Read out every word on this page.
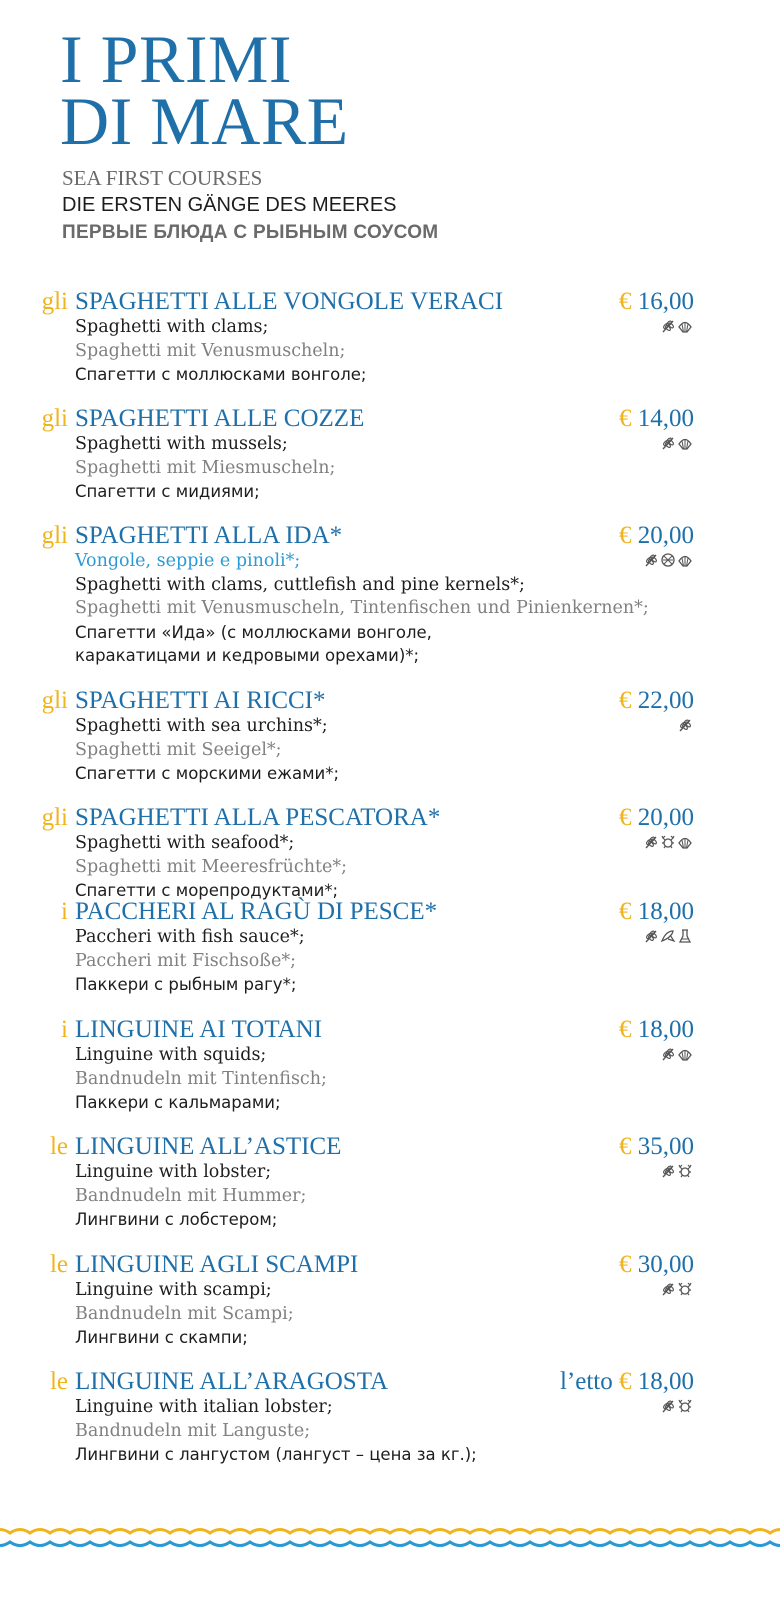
I PRIMI
DI MARE
SEA FIRST COURSES
DIE ERSTEN GÄNGE DES MEERES
ПЕРВЫЕ БЛЮДА С РЫБНЫМ СОУСОМ
gli SPAGHETTI ALLE VONGOLE VERACI	€ 16,00
Spaghetti with clams;
Spaghetti mit Venusmuscheln;
Спагетти с моллюсками вонголе;
gli SPAGHETTI ALLE COZZE	€ 14,00
Spaghetti with mussels;
Spaghetti mit Miesmuscheln;
Спагетти с мидиями;
gli SPAGHETTI ALLA IDA*	€ 20,00
Vongole, seppie e pinoli*;
Spaghetti with clams, cuttlefish and pine kernels*;
Spaghetti mit Venusmuscheln, Tintenfischen und Pinienkernen*;
Спагетти «Ида» (с моллюсками вонголе,
каракатицами и кедровыми орехами)*;
gli SPAGHETTI AI RICCI*	€ 22,00
Spaghetti with sea urchins*;
Spaghetti mit Seeigel*;
Спагетти с морскими ежами*;
gli SPAGHETTI ALLA PESCATORA*	€ 20,00
Spaghetti with seafood*;
Spaghetti mit Meeresfrüchte*;
Спагетти с морепродуктами*;
i PACCHERI AL RAGÙ DI PESCE*	€ 18,00
Paccheri with fish sauce*;
Paccheri mit Fischsoße*;
Паккери с рыбным рагу*;
i LINGUINE AI TOTANI	€ 18,00
Linguine with squids;
Bandnudeln mit Tintenfisch;
Паккери с кальмарами;
le LINGUINE ALL’ASTICE	€ 35,00
Linguine with lobster;
Bandnudeln mit Hummer;
Лингвини с лобстером;
le LINGUINE AGLI SCAMPI	€ 30,00
Linguine with scampi;
Bandnudeln mit Scampi;
Лингвини с скампи;
le LINGUINE ALL’ARAGOSTA	l’etto € 18,00
Linguine with italian lobster;
Bandnudeln mit Languste;
Лингвини с лангустом (лангуст – цена за кг.);
